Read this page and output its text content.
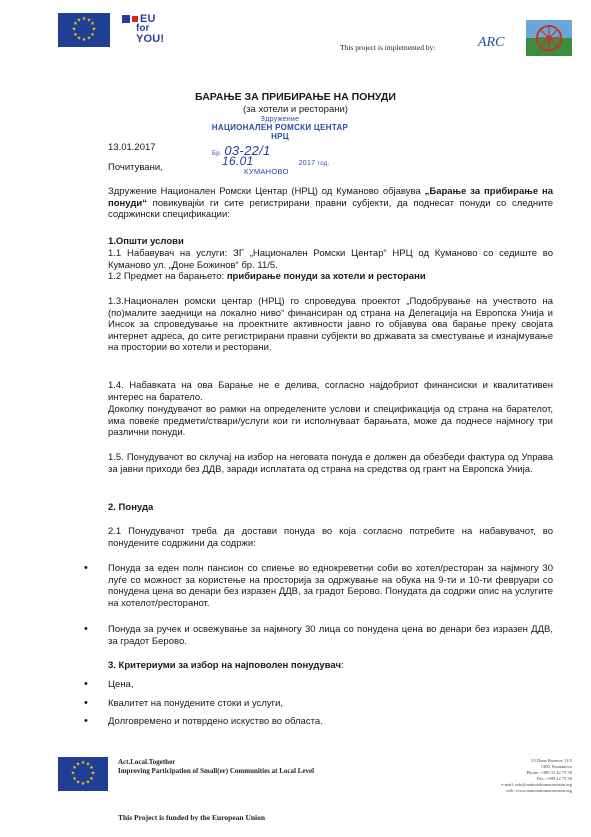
★ ★
★
★
★
★
★
★
★
★
★
★	EU
for
YOU!
This project is implemented by:	ARC
БАРАЊЕ ЗА ПРИБИРАЊЕ НА ПОНУДИ
(за хотели и ресторани)
Здружение
НАЦИОНАЛЕН РОМСКИ ЦЕНТАР
НРЦ
Бр. 03-22/1
16.01	2017 год.
КУМАНОВО
13.01.2017
Почитувани,
Здружение Национален Ромски Центар (НРЦ) од Куманово објавува „Барање за прибирање на понуди“ повикувајќи ги сите регистрирани правни субјекти, да поднесат понуди со следните содржински спецификации:
1.Општи услови
1.1 Набавувач на услуги: ЗГ „Национален Ромски Центар“ НРЦ од Куманово со седиште во Куманово ул. „Доне Божинов“ бр. 11/5.
1.2 Предмет на барањето: прибирање понуди за хотели и ресторани
1.3.Национален ромски центар (НРЦ) го спроведува проектот „Подобрување на учеството на (по)малите заедници на локално ниво“ финансиран од страна на Делегација на Европска Унија и Инсок за спроведување на проектните активности јавно го објавува ова барање преку својата интернет адреса, до сите регистрирани правни субјекти во државата за сместување и изнајмување на простории во хотели и ресторани.
1.4. Набавката на ова Барање не е делива, согласно најдобриот финансиски и квалитативен интерес на баратело.
Доколку понудувачот во рамки на определените услови и спецификација од страна на барателот, има повеќе предмети/ствари/услуги кои ги исполнуваат барањата, може да поднесе најмногу три различни понуди.
1.5. Понудувачот во склучај на избор на неговата понуда е должен да обезбеди фактура од Управа за јавни приходи без ДДВ, заради исплатата од страна на средства од грант на Европска Унија.
2. Понуда
2.1 Понудувачот треба да достави понуда во која согласно потребите на набавувачот, во понудените содржини да содржи:
• Понуда за еден полн пансион со спиење во еднокреветни соби во хотел/ресторан за најмногу 30 луѓе со можност за користење на просторија за одржување на обука на 9-ти и 10-ти февруари со понудена цена во денари без изразен ДДВ, за градот Берово. Понудата да содржи опис на услугите на хотелот/ресторанот.
• Понуда за ручек и освежување за најмногу 30 лица со понудена цена во денари без изразен ДДВ, за градот Берово.
3. Критериуми за избор на најповолен понудувач:
• Цена,
• Квалитет на понудените стоки и услуги,
• Долговремено и потврдено искуство во областа.
★ ★
★
★
★
★
★
★
★
★
★
★	Act.Local.Together
Improving Participation of Small(er) Communities at Local Level
This Project is funded by the European Union
Ul.Done Bozinov 11/5
1300, Kumanovo
Phone: +389 31 42 75 50
Fax: +389 42 75 50
e-mail: info@nationalromacentrum.org
web: www.nationalromacentrum.org
